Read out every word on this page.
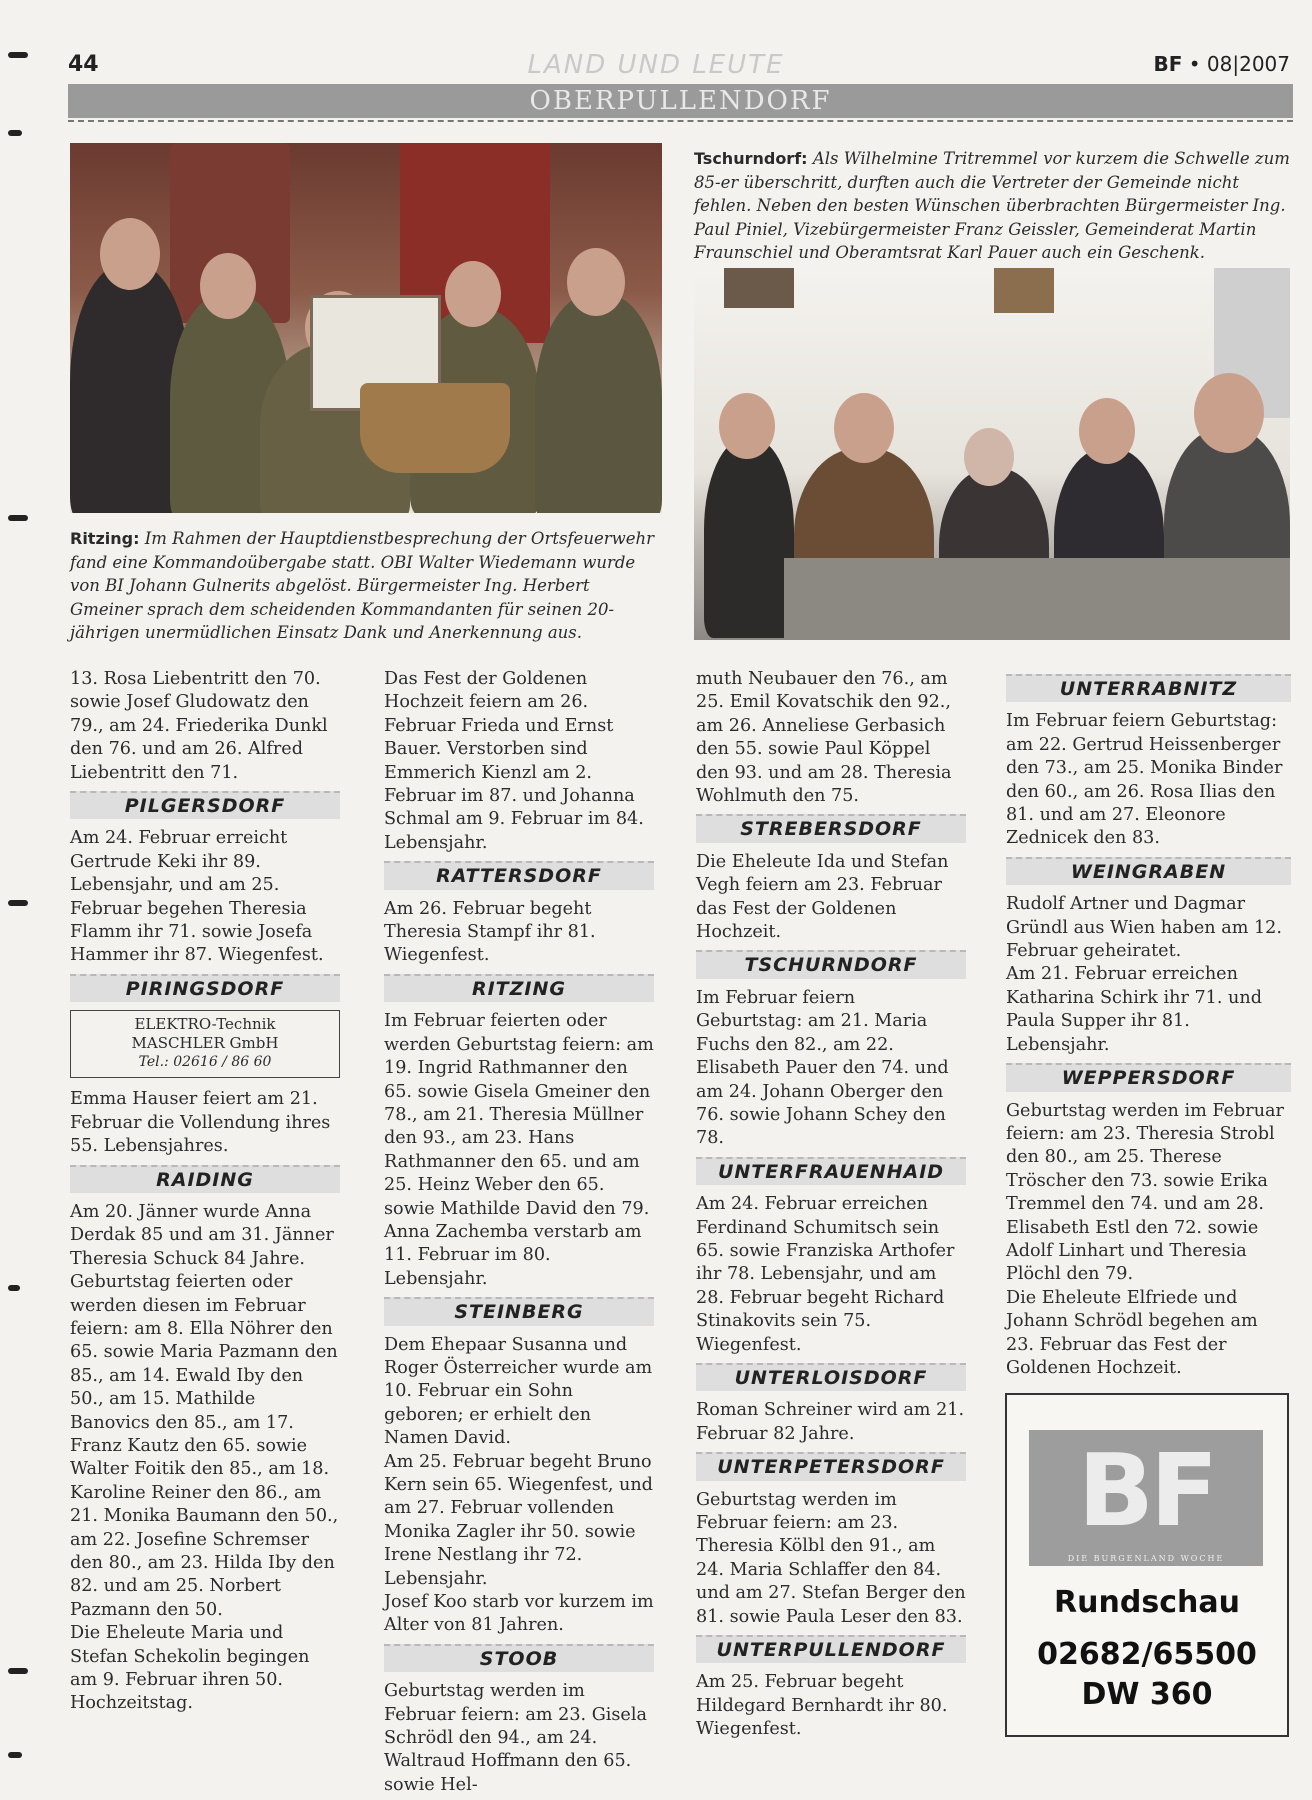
44	LAND UND LEUTE	BF • 08|2007
OBERPULLENDORF
Ritzing: Im Rahmen der Hauptdienstbesprechung der Ortsfeuerwehr fand eine Kommandoübergabe statt. OBI Walter Wiedemann wurde von BI Johann Gulnerits abgelöst. Bürgermeister Ing. Herbert Gmeiner sprach dem scheidenden Kommandanten für seinen 20-jährigen unermüdlichen Einsatz Dank und Anerkennung aus.
Tschurndorf: Als Wilhelmine Tritremmel vor kurzem die Schwelle zum 85-er überschritt, durften auch die Vertreter der Gemeinde nicht fehlen. Neben den besten Wünschen überbrachten Bürgermeister Ing. Paul Piniel, Vizebürgermeister Franz Geissler, Gemeinderat Martin Fraunschiel und Oberamtsrat Karl Pauer auch ein Geschenk.

13. Rosa Liebentritt den 70. sowie Josef Gludowatz den 79., am 24. Friederika Dunkl den 76. und am 26. Alfred Liebentritt den 71.

PILGERSDORF

Am 24. Februar erreicht Gertrude Keki ihr 89. Lebensjahr, und am 25. Februar begehen Theresia Flamm ihr 71. sowie Josefa Hammer ihr 87. Wiegenfest.

PIRINGSDORF
ELEKTRO-Technik
MASCHLER GmbH
Tel.: 02616 / 86 60

Emma Hauser feiert am 21. Februar die Vollendung ihres 55. Lebensjahres.

RAIDING

Am 20. Jänner wurde Anna Derdak 85 und am 31. Jänner Theresia Schuck 84 Jahre. Geburtstag feierten oder werden diesen im Februar feiern: am 8. Ella Nöhrer den 65. sowie Maria Pazmann den 85., am 14. Ewald Iby den 50., am 15. Mathilde Banovics den 85., am 17. Franz Kautz den 65. sowie Walter Foitik den 85., am 18. Karoline Reiner den 86., am 21. Monika Baumann den 50., am 22. Josefine Schremser den 80., am 23. Hilda Iby den 82. und am 25. Norbert Pazmann den 50.

Die Eheleute Maria und Stefan Schekolin begingen am 9. Februar ihren 50. Hochzeitstag.

Das Fest der Goldenen Hochzeit feiern am 26. Februar Frieda und Ernst Bauer. Verstorben sind Emmerich Kienzl am 2. Februar im 87. und Johanna Schmal am 9. Februar im 84. Lebensjahr.

RATTERSDORF

Am 26. Februar begeht Theresia Stampf ihr 81. Wiegenfest.

RITZING

Im Februar feierten oder werden Geburtstag feiern: am 19. Ingrid Rathmanner den 65. sowie Gisela Gmeiner den 78., am 21. Theresia Müllner den 93., am 23. Hans Rathmanner den 65. und am 25. Heinz Weber den 65. sowie Mathilde David den 79.

Anna Zachemba verstarb am 11. Februar im 80. Lebensjahr.

STEINBERG

Dem Ehepaar Susanna und Roger Österreicher wurde am 10. Februar ein Sohn geboren; er erhielt den Namen David.

Am 25. Februar begeht Bruno Kern sein 65. Wiegenfest, und am 27. Februar vollenden Monika Zagler ihr 50. sowie Irene Nestlang ihr 72. Lebensjahr.

Josef Koo starb vor kurzem im Alter von 81 Jahren.

STOOB

Geburtstag werden im Februar feiern: am 23. Gisela Schrödl den 94., am 24. Waltraud Hoffmann den 65. sowie Hel-

muth Neubauer den 76., am 25. Emil Kovatschik den 92., am 26. Anneliese Gerbasich den 55. sowie Paul Köppel den 93. und am 28. Theresia Wohlmuth den 75.

STREBERSDORF

Die Eheleute Ida und Stefan Vegh feiern am 23. Februar das Fest der Goldenen Hochzeit.

TSCHURNDORF

Im Februar feiern Geburtstag: am 21. Maria Fuchs den 82., am 22. Elisabeth Pauer den 74. und am 24. Johann Oberger den 76. sowie Johann Schey den 78.

UNTERFRAUENHAID

Am 24. Februar erreichen Ferdinand Schumitsch sein 65. sowie Franziska Arthofer ihr 78. Lebensjahr, und am 28. Februar begeht Richard Stinakovits sein 75. Wiegenfest.

UNTERLOISDORF

Roman Schreiner wird am 21. Februar 82 Jahre.

UNTERPETERSDORF

Geburtstag werden im Februar feiern: am 23. Theresia Kölbl den 91., am 24. Maria Schlaffer den 84. und am 27. Stefan Berger den 81. sowie Paula Leser den 83.

UNTERPULLENDORF

Am 25. Februar begeht Hildegard Bernhardt ihr 80. Wiegenfest.

UNTERRABNITZ

Im Februar feiern Geburtstag: am 22. Gertrud Heissenberger den 73., am 25. Monika Binder den 60., am 26. Rosa Ilias den 81. und am 27. Eleonore Zednicek den 83.

WEINGRABEN

Rudolf Artner und Dagmar Gründl aus Wien haben am 12. Februar geheiratet.

Am 21. Februar erreichen Katharina Schirk ihr 71. und Paula Supper ihr 81. Lebensjahr.

WEPPERSDORF

Geburtstag werden im Februar feiern: am 23. Theresia Strobl den 80., am 25. Therese Tröscher den 73. sowie Erika Tremmel den 74. und am 28. Elisabeth Estl den 72. sowie Adolf Linhart und Theresia Plöchl den 79.

Die Eheleute Elfriede und Johann Schrödl begehen am 23. Februar das Fest der Goldenen Hochzeit.

BF
DIE BURGENLAND WOCHE
Rundschau
02682/65500
DW 360
